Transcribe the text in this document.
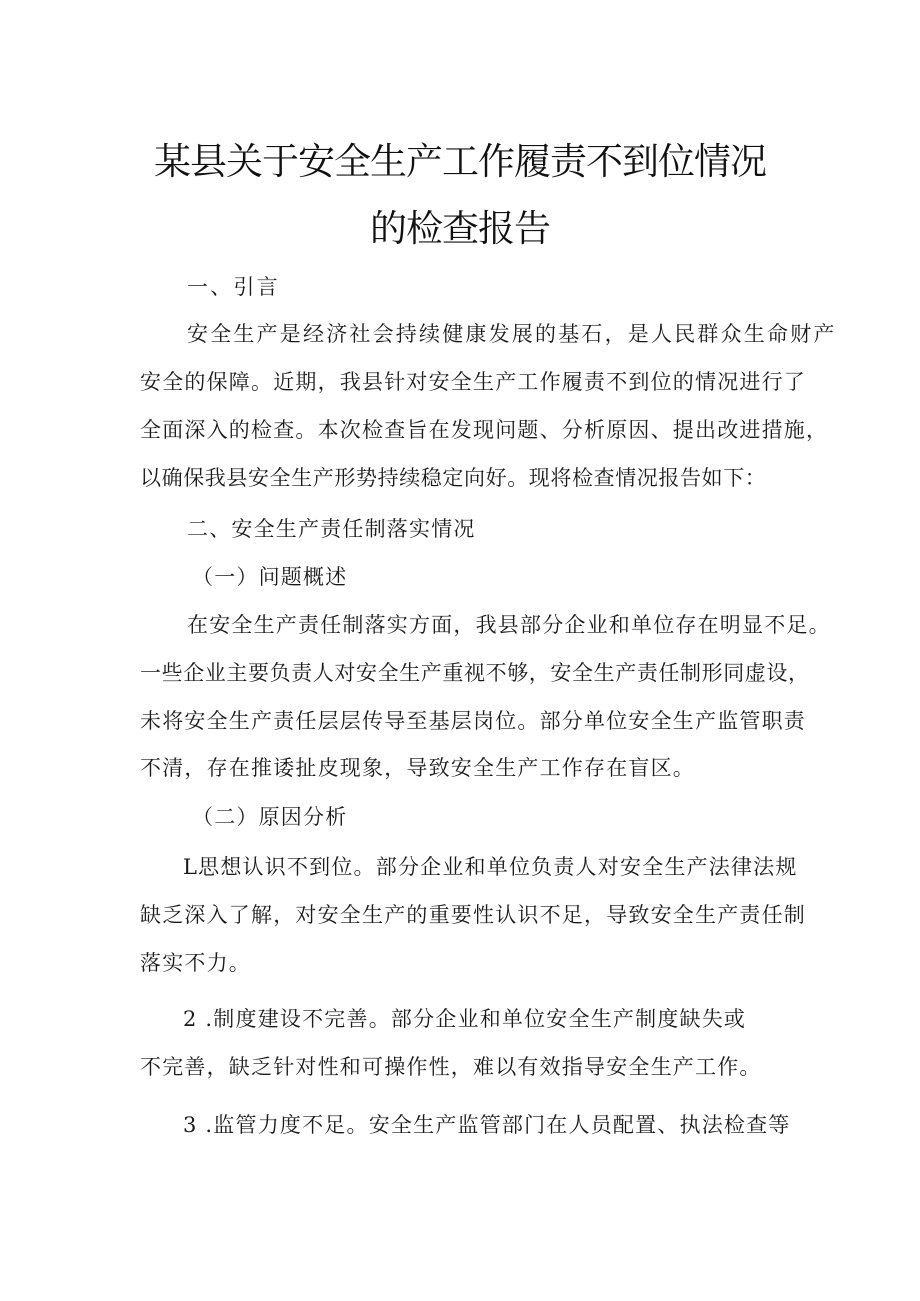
某县关于安全生产工作履责不到位情况
的检查报告
一、引言
安全生产是经济社会持续健康发展的基石，是人民群众生命财产
安全的保障。近期，我县针对安全生产工作履责不到位的情况进行了
全面深入的检查。本次检查旨在发现问题、分析原因、提出改进措施，
以确保我县安全生产形势持续稳定向好。现将检查情况报告如下：
二、安全生产责任制落实情况
（一）问题概述
在安全生产责任制落实方面，我县部分企业和单位存在明显不足。
一些企业主要负责人对安全生产重视不够，安全生产责任制形同虚设，
未将安全生产责任层层传导至基层岗位。部分单位安全生产监管职责
不清，存在推诿扯皮现象，导致安全生产工作存在盲区。
（二）原因分析
L思想认识不到位。部分企业和单位负责人对安全生产法律法规
缺乏深入了解，对安全生产的重要性认识不足，导致安全生产责任制
落实不力。
2 .制度建设不完善。部分企业和单位安全生产制度缺失或
不完善，缺乏针对性和可操作性，难以有效指导安全生产工作。
3 .监管力度不足。安全生产监管部门在人员配置、执法检查等
